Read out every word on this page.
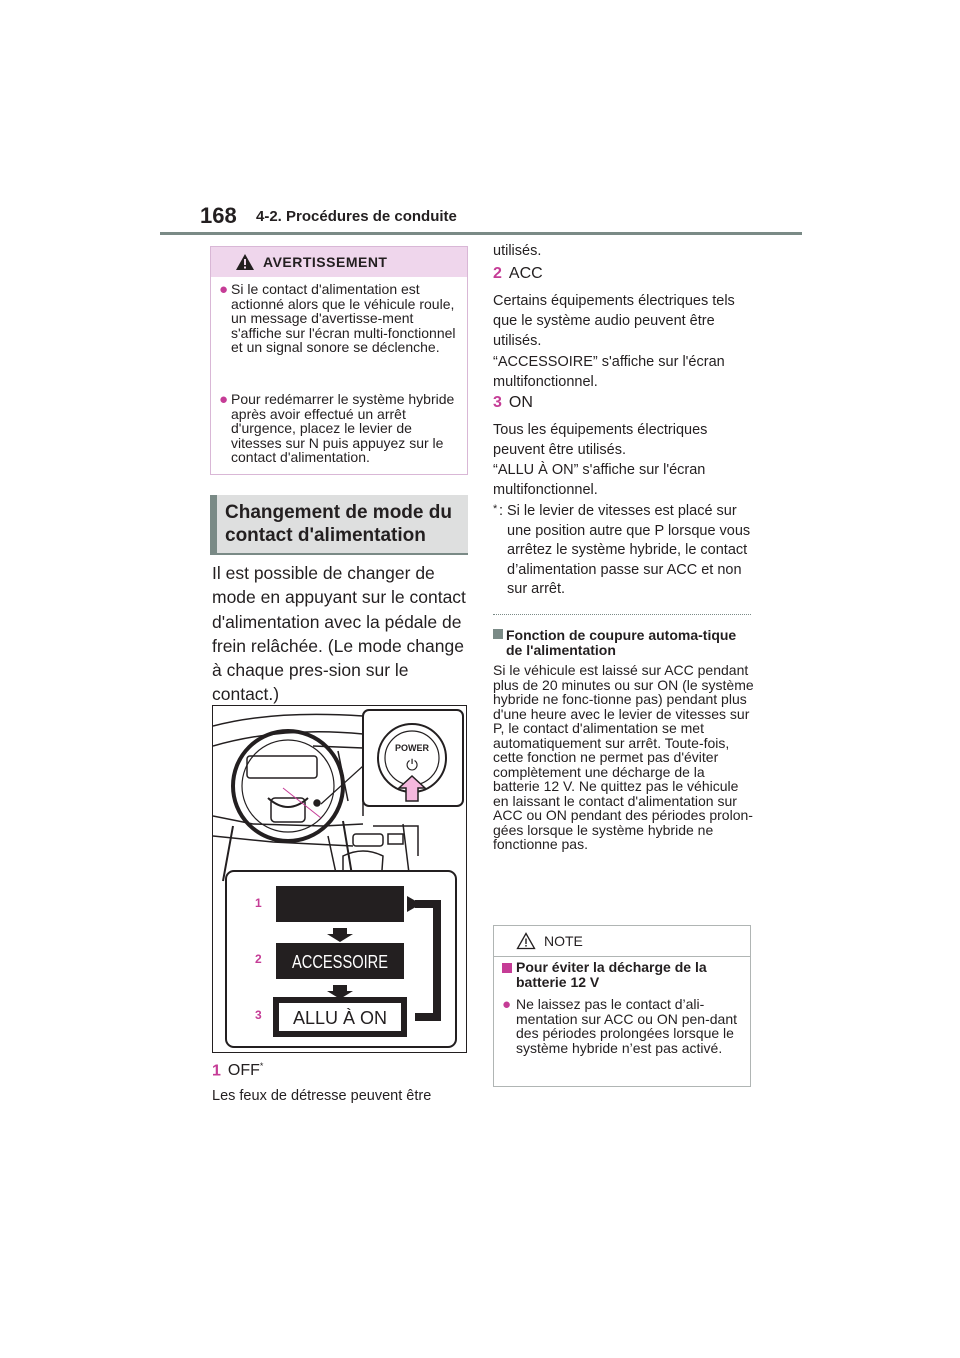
168 4-2. Procédures de conduite
AVERTISSEMENT
● Si le contact d'alimentation est actionné alors que le véhicule roule, un message d'avertisse-ment s'affiche sur l'écran multi-fonctionnel et un signal sonore se déclenche.
● Pour redémarrer le système hybride après avoir effectué un arrêt d'urgence, placez le levier de vitesses sur N puis appuyez sur le contact d'alimentation.
Changement de mode du contact d'alimentation
Il est possible de changer de mode en appuyant sur le contact d'alimentation avec la pédale de frein relâchée. (Le mode change à chaque pres-sion sur le contact.)
POWER
⏻
1
2
3
ACCESSOIRE
ALLU À ON
1 OFF*
Les feux de détresse peuvent être
utilisés.
2 ACC
Certains équipements électriques tels que le système audio peuvent être utilisés.
“ACCESSOIRE” s'affiche sur l'écran multifonctionnel.
3 ON
Tous les équipements électriques peuvent être utilisés.
“ALLU À ON” s'affiche sur l'écran multifonctionnel.
* : Si le levier de vitesses est placé sur une position autre que P lorsque vous arrêtez le système hybride, le contact d’alimentation passe sur ACC et non sur arrêt.
Fonction de coupure automa-tique de l'alimentation
Si le véhicule est laissé sur ACC pendant plus de 20 minutes ou sur ON (le système hybride ne fonc-tionne pas) pendant plus d'une heure avec le levier de vitesses sur P, le contact d'alimentation se met automatiquement sur arrêt. Toute-fois, cette fonction ne permet pas d'éviter complètement une décharge de la batterie 12 V. Ne quittez pas le véhicule en laissant le contact d'alimentation sur ACC ou ON pendant des périodes prolon-gées lorsque le système hybride ne fonctionne pas.
NOTE
Pour éviter la décharge de la batterie 12 V
● Ne laissez pas le contact d’ali-mentation sur ACC ou ON pen-dant des périodes prolongées lorsque le système hybride n’est pas activé.
